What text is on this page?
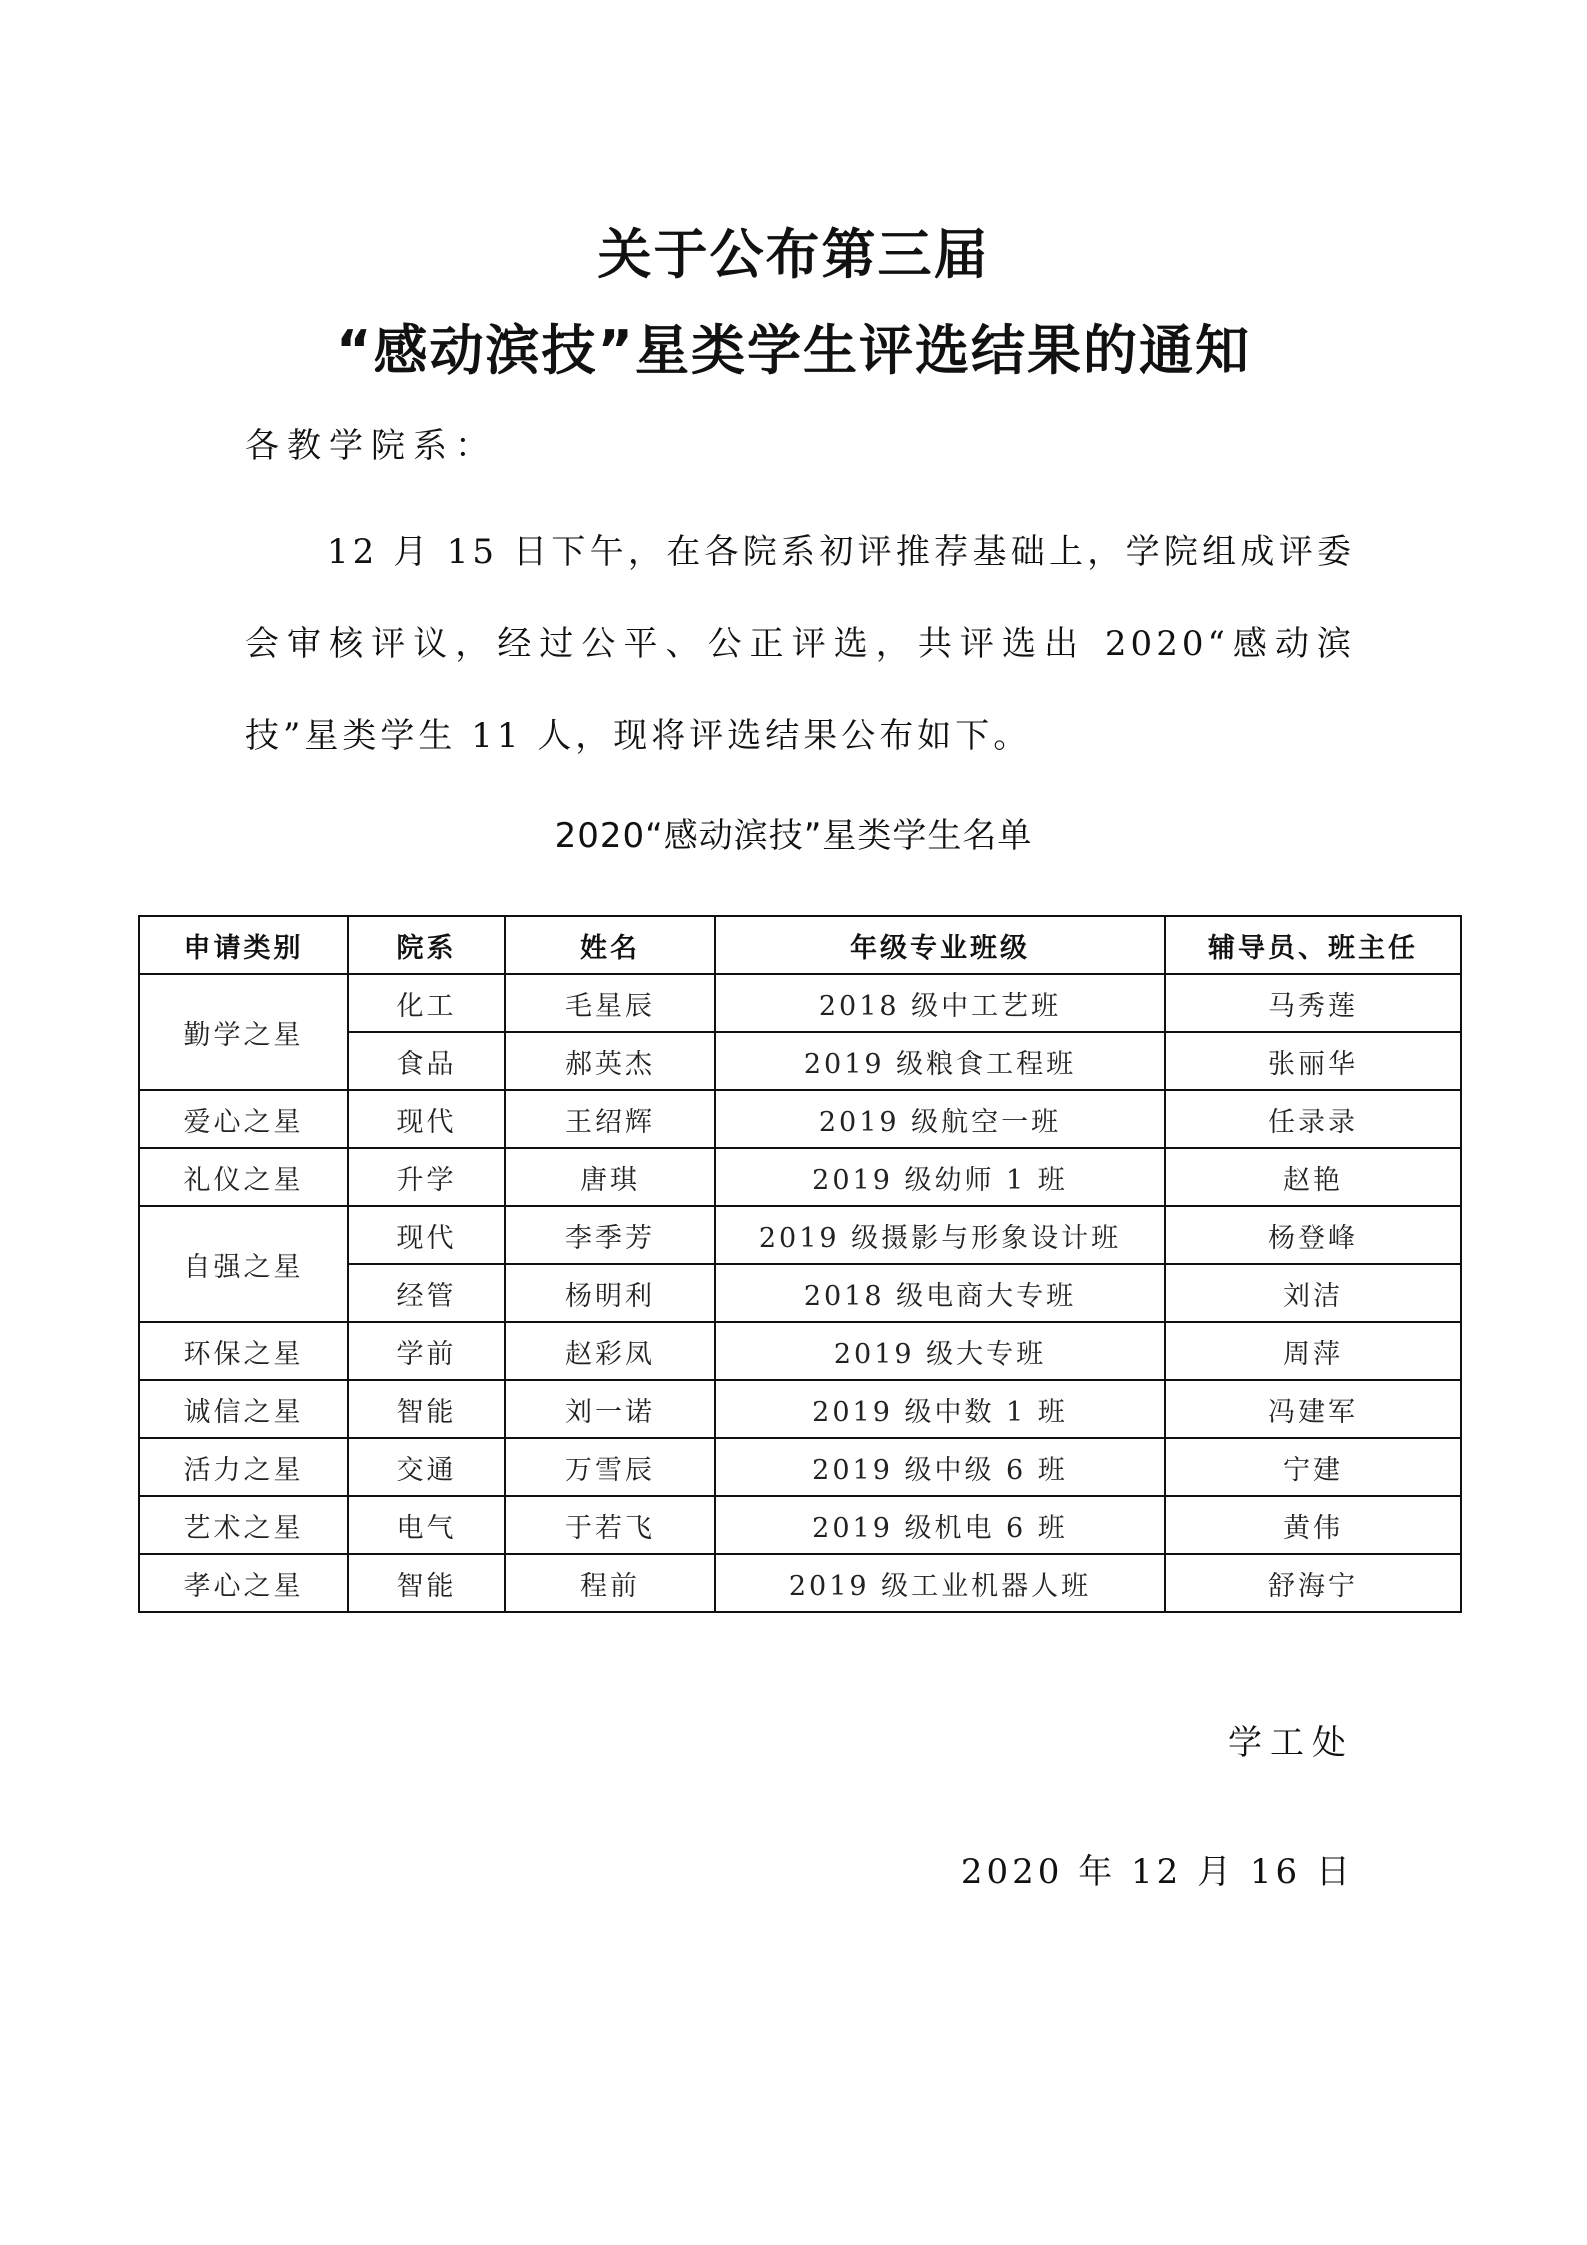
关于公布第三届
“感动滨技”星类学生评选结果的通知

各教学院系：

12 月 15 日下午，在各院系初评推荐基础上，学院组成评委会审核评议，经过公平、公正评选，共评选出 2020“感动滨技”星类学生 11 人，现将评选结果公布如下。

2020“感动滨技”星类学生名单

申请类别	院系	姓名	年级专业班级	辅导员、班主任
勤学之星	化工	毛星辰	2018 级中工艺班	马秀莲
	食品	郝英杰	2019 级粮食工程班	张丽华
爱心之星	现代	王绍辉	2019 级航空一班	任录录
礼仪之星	升学	唐琪	2019 级幼师 1 班	赵艳
自强之星	现代	李季芳	2019 级摄影与形象设计班	杨登峰
	经管	杨明利	2018 级电商大专班	刘洁
环保之星	学前	赵彩凤	2019 级大专班	周萍
诚信之星	智能	刘一诺	2019 级中数 1 班	冯建军
活力之星	交通	万雪辰	2019 级中级 6 班	宁建
艺术之星	电气	于若飞	2019 级机电 6 班	黄伟
孝心之星	智能	程前	2019 级工业机器人班	舒海宁

学工处

2020 年 12 月 16 日
